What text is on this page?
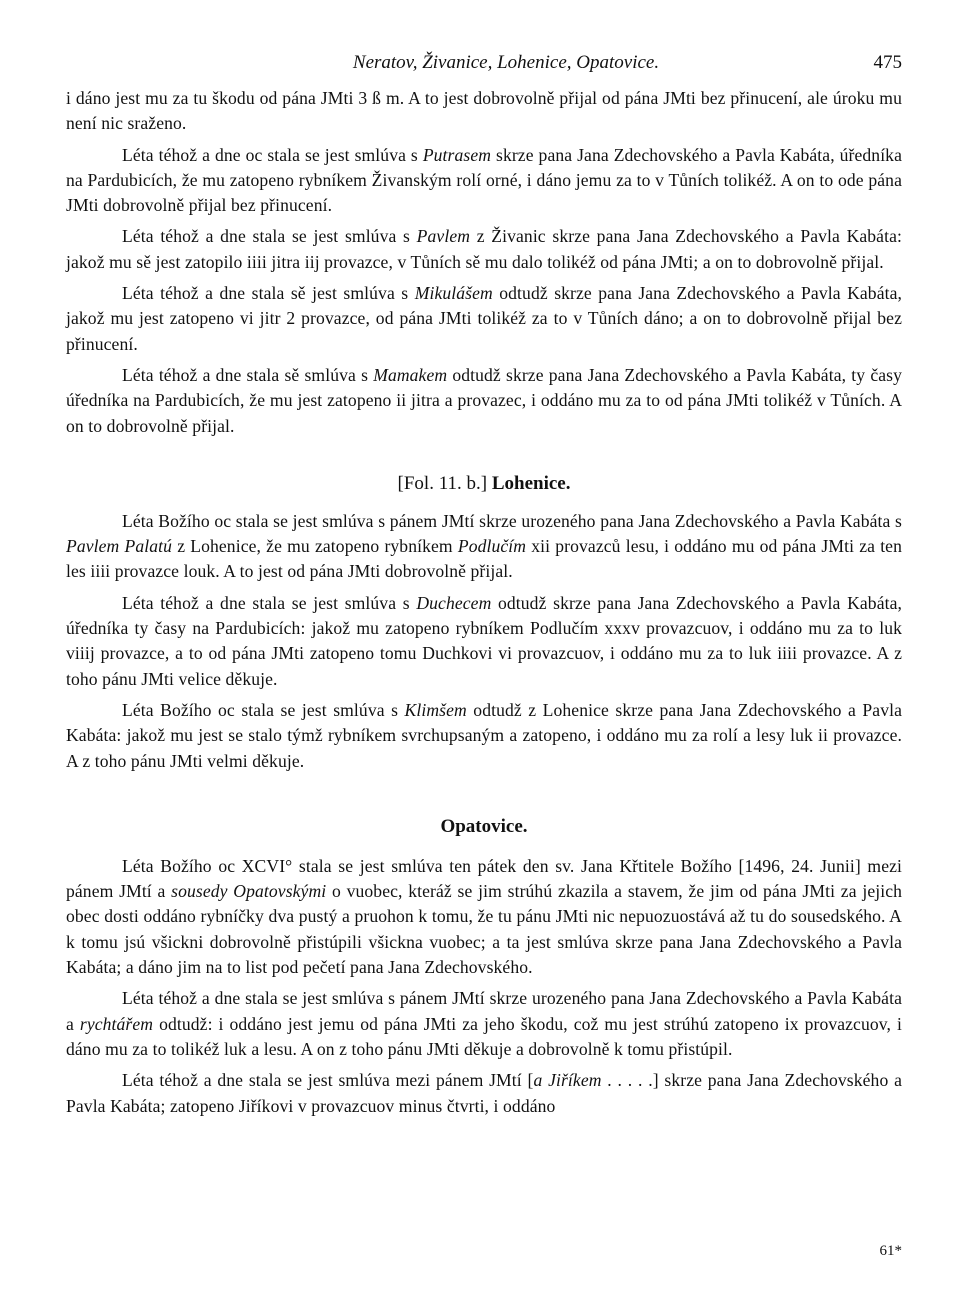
Neratov, Živanice, Lohenice, Opatovice.	475

i dáno jest mu za tu škodu od pána JMti 3 ß m. A to jest dobrovolně přijal od pána JMti bez přinucení, ale úroku mu není nic sraženo.

Léta téhož a dne oc stala se jest smlúva s Putrasem skrze pana Jana Zdechovského a Pavla Kabáta, úředníka na Pardubicích, že mu zatopeno rybníkem Živanským rolí orné, i dáno jemu za to v Tůních tolikéž. A on to ode pána JMti dobrovolně přijal bez přinucení.

Léta téhož a dne stala se jest smlúva s Pavlem z Živanic skrze pana Jana Zdechovského a Pavla Kabáta: jakož mu sě jest zatopilo iiii jitra iij provazce, v Tůních sě mu dalo tolikéž od pána JMti; a on to dobrovolně přijal.

Léta téhož a dne stala sě jest smlúva s Mikulášem odtudž skrze pana Jana Zdechovského a Pavla Kabáta, jakož mu jest zatopeno vi jitr 2 provazce, od pána JMti tolikéž za to v Tůních dáno; a on to dobrovolně přijal bez přinucení.

Léta téhož a dne stala sě smlúva s Mamakem odtudž skrze pana Jana Zdechovského a Pavla Kabáta, ty časy úředníka na Pardubicích, že mu jest zatopeno ii jitra a provazec, i oddáno mu za to od pána JMti tolikéž v Tůních. A on to dobrovolně přijal.

[Fol. 11. b.] Lohenice.

Léta Božího oc stala se jest smlúva s pánem JMtí skrze urozeného pana Jana Zdechovského a Pavla Kabáta s Pavlem Palatú z Lohenice, že mu zatopeno rybníkem Podlučím xii provazců lesu, i oddáno mu od pána JMti za ten les iiii provazce louk. A to jest od pána JMti dobrovolně přijal.

Léta téhož a dne stala se jest smlúva s Duchecem odtudž skrze pana Jana Zdechovského a Pavla Kabáta, úředníka ty časy na Pardubicích: jakož mu zatopeno rybníkem Podlučím xxxv provazcuov, i oddáno mu za to luk viiij provazce, a to od pána JMti zatopeno tomu Duchkovi vi provazcuov, i oddáno mu za to luk iiii provazce. A z toho pánu JMti velice děkuje.

Léta Božího oc stala se jest smlúva s Klimšem odtudž z Lohenice skrze pana Jana Zdechovského a Pavla Kabáta: jakož mu jest se stalo týmž rybníkem svrchupsaným a zatopeno, i oddáno mu za rolí a lesy luk ii provazce. A z toho pánu JMti velmi děkuje.

Opatovice.

Léta Božího oc XCVI° stala se jest smlúva ten pátek den sv. Jana Křtitele Božího [1496, 24. Junii] mezi pánem JMtí a sousedy Opatovskými o vuobec, kteráž se jim strúhú zkazila a stavem, že jim od pána JMti za jejich obec dosti oddáno rybníčky dva pustý a pruohon k tomu, že tu pánu JMti nic nepuozuostává až tu do sousedského. A k tomu jsú všickni dobrovolně přistúpili všickna vuobec; a ta jest smlúva skrze pana Jana Zdechovského a Pavla Kabáta; a dáno jim na to list pod pečetí pana Jana Zdechovského.

Léta téhož a dne stala se jest smlúva s pánem JMtí skrze urozeného pana Jana Zdechovského a Pavla Kabáta a rychtářem odtudž: i oddáno jest jemu od pána JMti za jeho škodu, což mu jest strúhú zatopeno ix provazcuov, i dáno mu za to tolikéž luk a lesu. A on z toho pánu JMti děkuje a dobrovolně k tomu přistúpil.

Léta téhož a dne stala se jest smlúva mezi pánem JMtí [a Jiříkem . . . . .] skrze pana Jana Zdechovského a Pavla Kabáta; zatopeno Jiříkovi v provazcuov minus čtvrti, i oddáno

61*
